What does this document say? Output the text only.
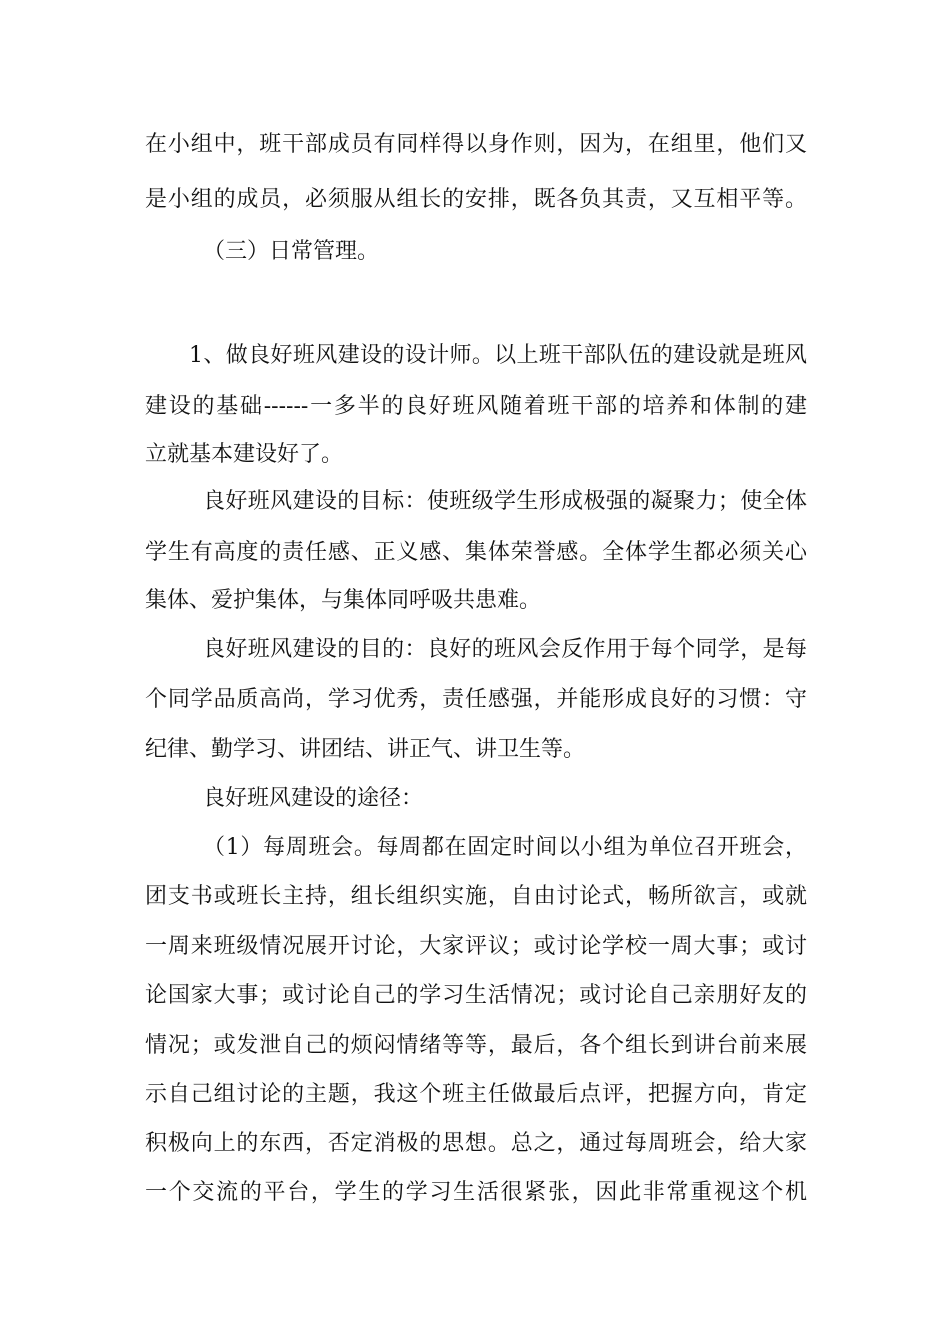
在小组中，班干部成员有同样得以身作则，因为，在组里，他们又
是小组的成员，必须服从组长的安排，既各负其责，又互相平等。
（三）日常管理。
1、做良好班风建设的设计师。以上班干部队伍的建设就是班风
建设的基础------一多半的良好班风随着班干部的培养和体制的建
立就基本建设好了。
良好班风建设的目标：使班级学生形成极强的凝聚力；使全体
学生有高度的责任感、正义感、集体荣誉感。全体学生都必须关心
集体、爱护集体，与集体同呼吸共患难。
良好班风建设的目的：良好的班风会反作用于每个同学，是每
个同学品质高尚，学习优秀，责任感强，并能形成良好的习惯：守
纪律、勤学习、讲团结、讲正气、讲卫生等。
良好班风建设的途径：
（1）每周班会。每周都在固定时间以小组为单位召开班会，
团支书或班长主持，组长组织实施，自由讨论式，畅所欲言，或就
一周来班级情况展开讨论，大家评议；或讨论学校一周大事；或讨
论国家大事；或讨论自己的学习生活情况；或讨论自己亲朋好友的
情况；或发泄自己的烦闷情绪等等，最后，各个组长到讲台前来展
示自己组讨论的主题，我这个班主任做最后点评，把握方向，肯定
积极向上的东西，否定消极的思想。总之，通过每周班会，给大家
一个交流的平台，学生的学习生活很紧张，因此非常重视这个机
